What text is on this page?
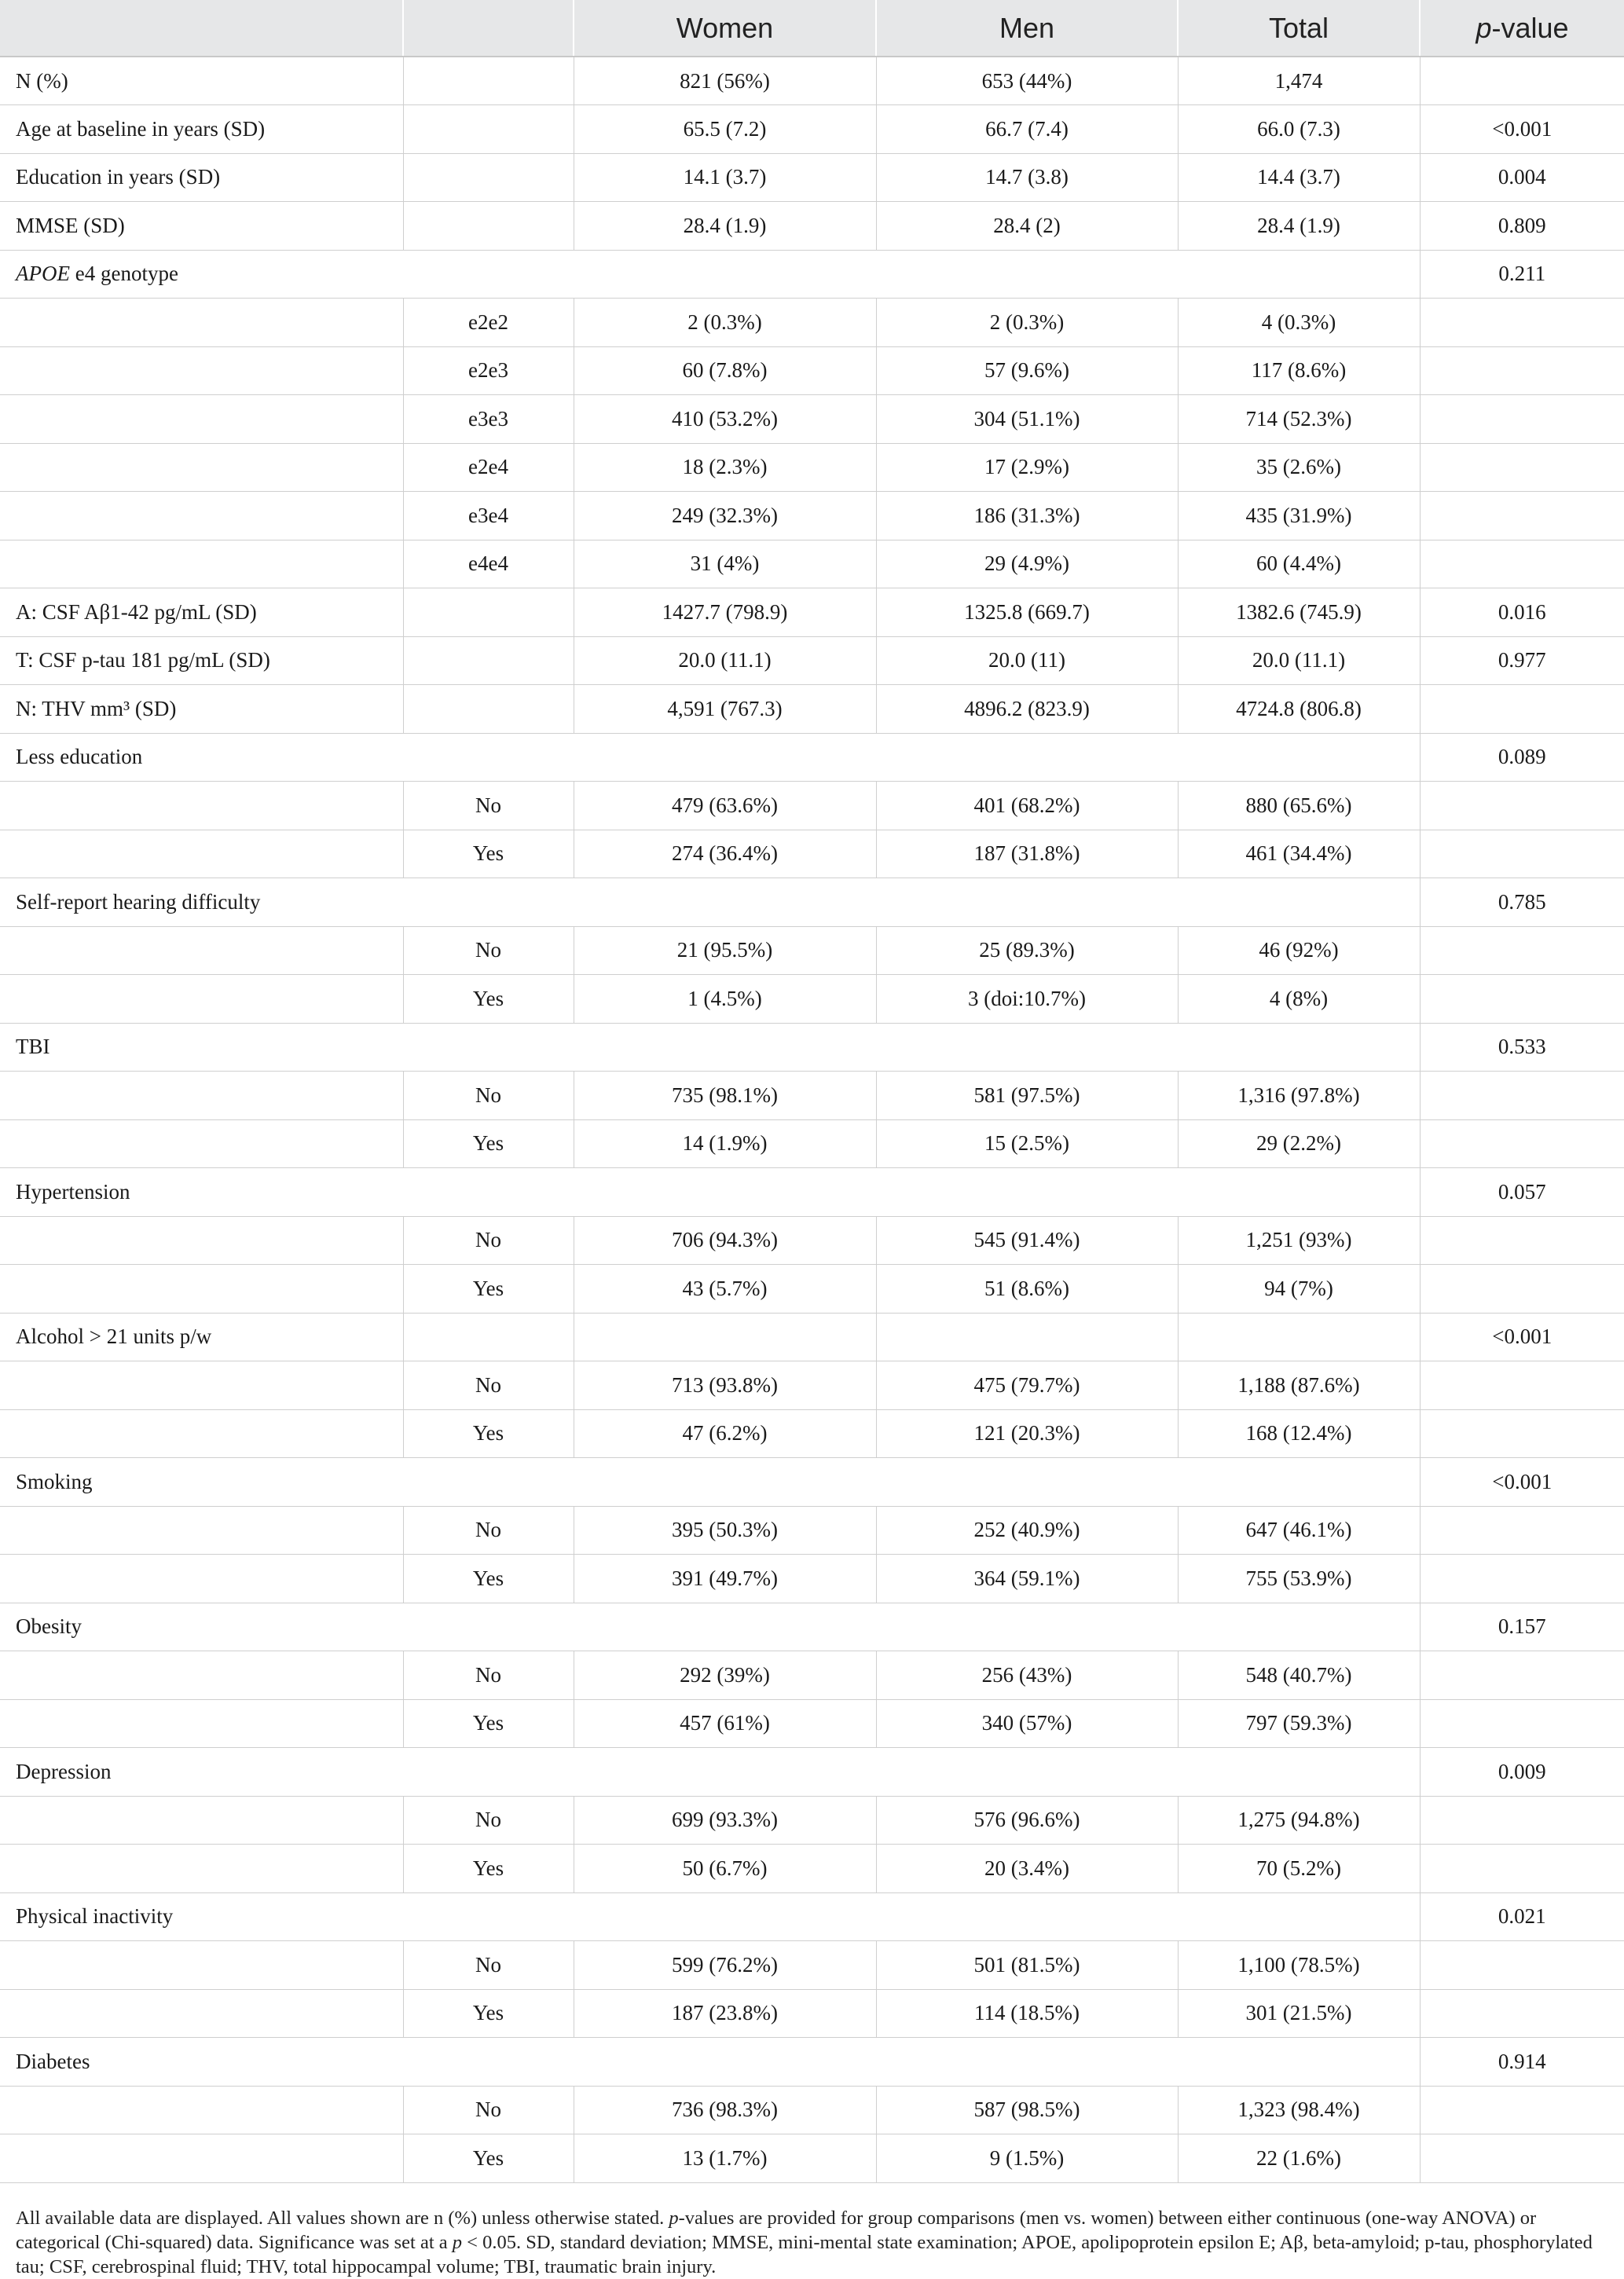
		Women	Men	Total	p-value
N (%)		821 (56%)	653 (44%)	1,474	
Age at baseline in years (SD)		65.5 (7.2)	66.7 (7.4)	66.0 (7.3)	<0.001
Education in years (SD)		14.1 (3.7)	14.7 (3.8)	14.4 (3.7)	0.004
MMSE (SD)		28.4 (1.9)	28.4 (2)	28.4 (1.9)	0.809
APOE e4 genotype					0.211
	e2e2	2 (0.3%)	2 (0.3%)	4 (0.3%)	
	e2e3	60 (7.8%)	57 (9.6%)	117 (8.6%)	
	e3e3	410 (53.2%)	304 (51.1%)	714 (52.3%)	
	e2e4	18 (2.3%)	17 (2.9%)	35 (2.6%)	
	e3e4	249 (32.3%)	186 (31.3%)	435 (31.9%)	
	e4e4	31 (4%)	29 (4.9%)	60 (4.4%)	
A: CSF Aβ1-42 pg/mL (SD)		1427.7 (798.9)	1325.8 (669.7)	1382.6 (745.9)	0.016
T: CSF p-tau 181 pg/mL (SD)		20.0 (11.1)	20.0 (11)	20.0 (11.1)	0.977
N: THV mm³ (SD)		4,591 (767.3)	4896.2 (823.9)	4724.8 (806.8)	
Less education					0.089
	No	479 (63.6%)	401 (68.2%)	880 (65.6%)	
	Yes	274 (36.4%)	187 (31.8%)	461 (34.4%)	
Self-report hearing difficulty					0.785
	No	21 (95.5%)	25 (89.3%)	46 (92%)	
	Yes	1 (4.5%)	3 (doi:10.7%)	4 (8%)	
TBI					0.533
	No	735 (98.1%)	581 (97.5%)	1,316 (97.8%)	
	Yes	14 (1.9%)	15 (2.5%)	29 (2.2%)	
Hypertension					0.057
	No	706 (94.3%)	545 (91.4%)	1,251 (93%)	
	Yes	43 (5.7%)	51 (8.6%)	94 (7%)	
Alcohol > 21 units p/w					<0.001
	No	713 (93.8%)	475 (79.7%)	1,188 (87.6%)	
	Yes	47 (6.2%)	121 (20.3%)	168 (12.4%)	
Smoking					<0.001
	No	395 (50.3%)	252 (40.9%)	647 (46.1%)	
	Yes	391 (49.7%)	364 (59.1%)	755 (53.9%)	
Obesity					0.157
	No	292 (39%)	256 (43%)	548 (40.7%)	
	Yes	457 (61%)	340 (57%)	797 (59.3%)	
Depression					0.009
	No	699 (93.3%)	576 (96.6%)	1,275 (94.8%)	
	Yes	50 (6.7%)	20 (3.4%)	70 (5.2%)	
Physical inactivity					0.021
	No	599 (76.2%)	501 (81.5%)	1,100 (78.5%)	
	Yes	187 (23.8%)	114 (18.5%)	301 (21.5%)	
Diabetes					0.914
	No	736 (98.3%)	587 (98.5%)	1,323 (98.4%)	
	Yes	13 (1.7%)	9 (1.5%)	22 (1.6%)	
All available data are displayed. All values shown are n (%) unless otherwise stated. p-values are provided for group comparisons (men vs. women) between either continuous (one-way ANOVA) or categorical (Chi-squared) data. Significance was set at a p < 0.05. SD, standard deviation; MMSE, mini-mental state examination; APOE, apolipoprotein epsilon E; Aβ, beta-amyloid; p-tau, phosphorylated tau; CSF, cerebrospinal fluid; THV, total hippocampal volume; TBI, traumatic brain injury.
